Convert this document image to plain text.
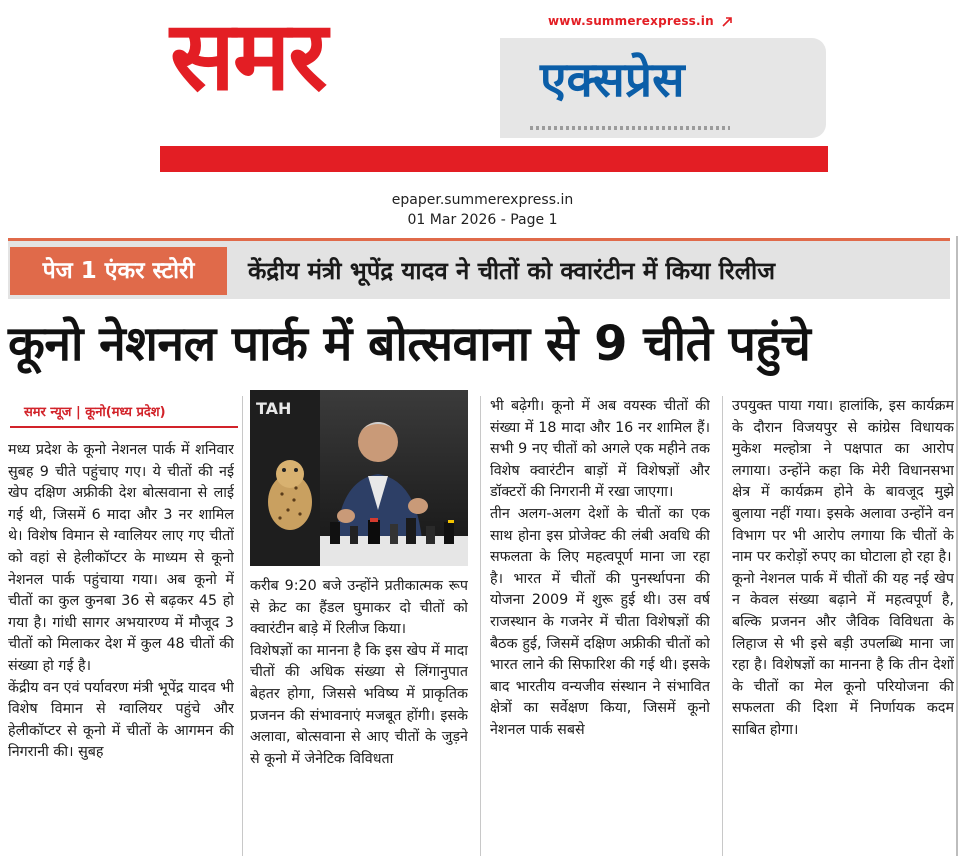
समर	एक्सप्रेस
www.summerexpress.in
epaper.summerexpress.in
01 Mar 2026 - Page 1
पेज 1 एंकर स्टोरी	केंद्रीय मंत्री भूपेंद्र यादव ने चीतों को क्वारंटीन में किया रिलीज
कूनो नेशनल पार्क में बोत्सवाना से 9 चीते पहुंचे
समर न्यूज | कूनो(मध्य प्रदेश)	TAH

मध्य प्रदेश के कूनो नेशनल पार्क में शनिवार सुबह 9 चीते पहुंचाए गए। ये चीतों की नई खेप दक्षिण अफ्रीकी देश बोत्सवाना से लाई गई थी, जिसमें 6 मादा और 3 नर शामिल थे। विशेष विमान से ग्वालियर लाए गए चीतों को वहां से हेलीकॉप्टर के माध्यम से कूनो नेशनल पार्क पहुंचाया गया। अब कूनो में चीतों का कुल कुनबा 36 से बढ़कर 45 हो गया है। गांधी सागर अभयारण्य में मौजूद 3 चीतों को मिलाकर देश में कुल 48 चीतों की संख्या हो गई है।

केंद्रीय वन एवं पर्यावरण मंत्री भूपेंद्र यादव भी विशेष विमान से ग्वालियर पहुंचे और हेलीकॉप्टर से कूनो में चीतों के आगमन की निगरानी की। सुबह

करीब 9:20 बजे उन्होंने प्रतीकात्मक रूप से क्रेट का हैंडल घुमाकर दो चीतों को क्वारंटीन बाड़े में रिलीज किया।

विशेषज्ञों का मानना है कि इस खेप में मादा चीतों की अधिक संख्या से लिंगानुपात बेहतर होगा, जिससे भविष्य में प्राकृतिक प्रजनन की संभावनाएं मजबूत होंगी। इसके अलावा, बोत्सवाना से आए चीतों के जुड़ने से कूनो में जेनेटिक विविधता

भी बढ़ेगी। कूनो में अब वयस्क चीतों की संख्या में 18 मादा और 16 नर शामिल हैं। सभी 9 नए चीतों को अगले एक महीने तक विशेष क्वारंटीन बाड़ों में विशेषज्ञों और डॉक्टरों की निगरानी में रखा जाएगा।

तीन अलग-अलग देशों के चीतों का एक साथ होना इस प्रोजेक्ट की लंबी अवधि की सफलता के लिए महत्वपूर्ण माना जा रहा है। भारत में चीतों की पुनर्स्थापना की योजना 2009 में शुरू हुई थी। उस वर्ष राजस्थान के गजनेर में चीता विशेषज्ञों की बैठक हुई, जिसमें दक्षिण अफ्रीकी चीतों को भारत लाने की सिफारिश की गई थी। इसके बाद भारतीय वन्यजीव संस्थान ने संभावित क्षेत्रों का सर्वेक्षण किया, जिसमें कूनो नेशनल पार्क सबसे

उपयुक्त पाया गया। हालांकि, इस कार्यक्रम के दौरान विजयपुर से कांग्रेस विधायक मुकेश मल्होत्रा ने पक्षपात का आरोप लगाया। उन्होंने कहा कि मेरी विधानसभा क्षेत्र में कार्यक्रम होने के बावजूद मुझे बुलाया नहीं गया। इसके अलावा उन्होंने वन विभाग पर भी आरोप लगाया कि चीतों के नाम पर करोड़ों रुपए का घोटाला हो रहा है।

कूनो नेशनल पार्क में चीतों की यह नई खेप न केवल संख्या बढ़ाने में महत्वपूर्ण है, बल्कि प्रजनन और जैविक विविधता के लिहाज से भी इसे बड़ी उपलब्धि माना जा रहा है। विशेषज्ञों का मानना है कि तीन देशों के चीतों का मेल कूनो परियोजना की सफलता की दिशा में निर्णायक कदम साबित होगा।
